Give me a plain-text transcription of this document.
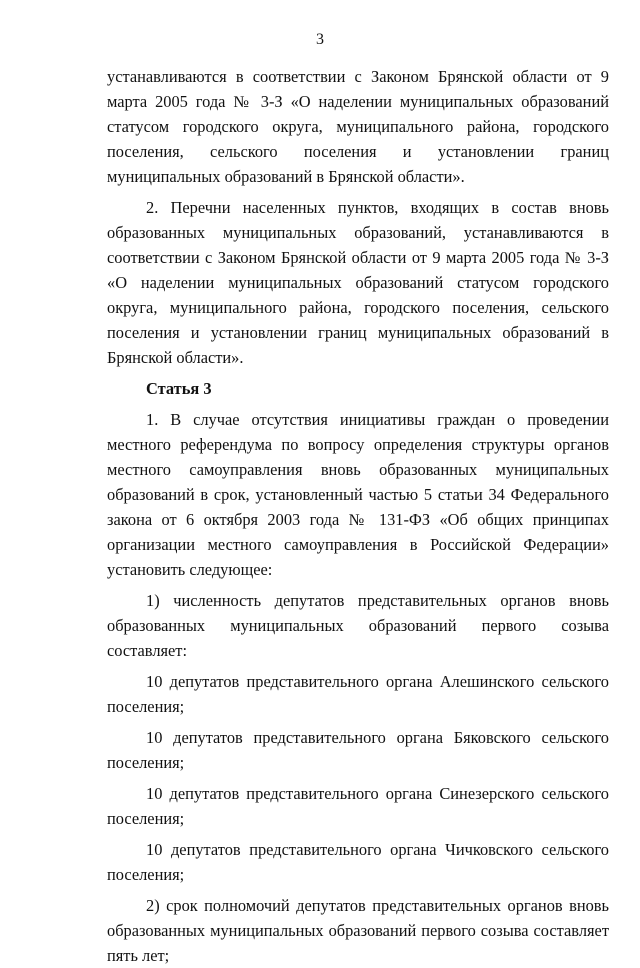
3

устанавливаются в соответствии с Законом Брянской области от 9 марта 2005 года № 3-З «О наделении муниципальных образований статусом городского округа, муниципального района, городского поселения, сельского поселения и установлении границ муниципальных образований в Брянской области».

2. Перечни населенных пунктов, входящих в состав вновь образованных муниципальных образований, устанавливаются в соответствии с Законом Брянской области от 9 марта 2005 года № 3-З «О наделении муниципальных образований статусом городского округа, муниципального района, городского поселения, сельского поселения и установлении границ муниципальных образований в Брянской области».

Статья 3

1. В случае отсутствия инициативы граждан о проведении местного референдума по вопросу определения структуры органов местного самоуправления вновь образованных муниципальных образований в срок, установленный частью 5 статьи 34 Федерального закона от 6 октября 2003 года № 131-ФЗ «Об общих принципах организации местного самоуправления в Российской Федерации» установить следующее:

1) численность депутатов представительных органов вновь образованных муниципальных образований первого созыва составляет:

10 депутатов представительного органа Алешинского сельского поселения;

10 депутатов представительного органа Бяковского сельского поселения;

10 депутатов представительного органа Синезерского сельского поселения;

10 депутатов представительного органа Чичковского сельского поселения;

2) срок полномочий депутатов представительных органов вновь образованных муниципальных образований первого созыва составляет пять лет;
